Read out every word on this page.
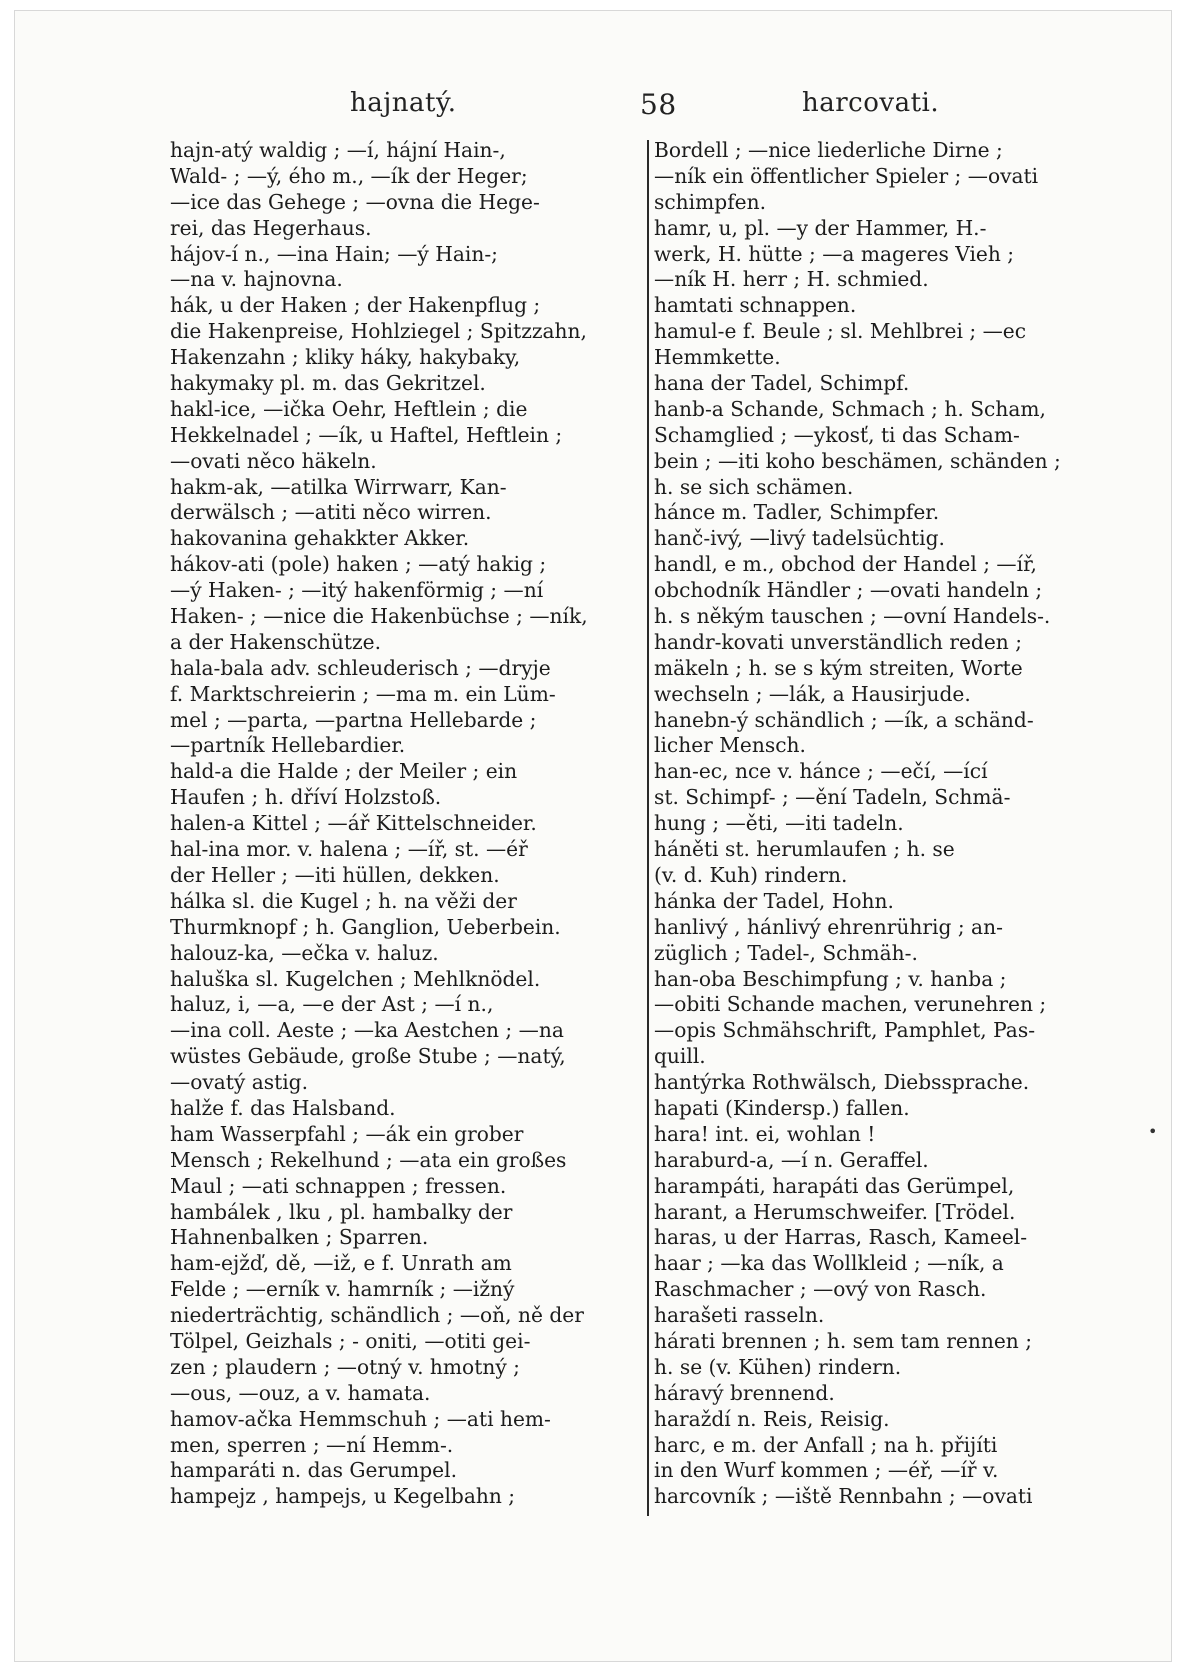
hajnatý.	58	harcovati.
hajn-atý waldig ; —í, hájní Hain-,
Wald- ; —ý, ého m., —ík der Heger;
—ice das Gehege ; —ovna die Hege-
rei, das Hegerhaus.
hájov-í n., —ina Hain; —ý Hain-;
—na v. hajnovna.
hák, u der Haken ; der Hakenpflug ;
die Hakenpreise, Hohlziegel ; Spitzzahn,
Hakenzahn ; kliky háky, hakybaky,
hakymaky pl. m. das Gekritzel.
hakl-ice, —ička Oehr, Heftlein ; die
Hekkelnadel ; —ík, u Haftel, Heftlein ;
—ovati něco häkeln.
hakm-ak, —atilka Wirrwarr, Kan-
derwälsch ; —atiti něco wirren.
hakovanina gehakkter Akker.
hákov-ati (pole) haken ; —atý hakig ;
—ý Haken- ; —itý hakenförmig ; —ní
Haken- ; —nice die Hakenbüchse ; —ník,
a der Hakenschütze.
hala-bala adv. schleuderisch ; —dryje
f. Marktschreierin ; —ma m. ein Lüm-
mel ; —parta, —partna Hellebarde ;
—partník Hellebardier.
hald-a die Halde ; der Meiler ; ein
Haufen ; h. dříví Holzstoß.
halen-a Kittel ; —ář Kittelschneider.
hal-ina mor. v. halena ; —íř, st. —éř
der Heller ; —iti hüllen, dekken.
hálka sl. die Kugel ; h. na věži der
Thurmknopf ; h. Ganglion, Ueberbein.
halouz-ka, —ečka v. haluz.
haluška sl. Kugelchen ; Mehlknödel.
haluz, i, —a, —e der Ast ; —í n.,
—ina coll. Aeste ; —ka Aestchen ; —na
wüstes Gebäude, große Stube ; —natý,
—ovatý astig.
halže f. das Halsband.
ham Wasserpfahl ; —ák ein grober
Mensch ; Rekelhund ; —ata ein großes
Maul ; —ati schnappen ; fressen.
hambálek , lku , pl. hambalky der
Hahnenbalken ; Sparren.
ham-ejžď, dě, —iž, e f. Unrath am
Felde ; —erník v. hamrník ; —ižný
niederträchtig, schändlich ; —oň, ně der
Tölpel, Geizhals ; - oniti, —otiti gei-
zen ; plaudern ; —otný v. hmotný ;
—ous, —ouz, a v. hamata.
hamov-ačka Hemmschuh ; —ati hem-
men, sperren ; —ní Hemm-.
hamparáti n. das Gerumpel.
hampejz , hampejs, u Kegelbahn ;
Bordell ; —nice liederliche Dirne ;
—ník ein öffentlicher Spieler ; —ovati
schimpfen.
hamr, u, pl. —y der Hammer, H.-
werk, H. hütte ; —a mageres Vieh ;
—ník H. herr ; H. schmied.
hamtati schnappen.
hamul-e f. Beule ; sl. Mehlbrei ; —ec
Hemmkette.
hana der Tadel, Schimpf.
hanb-a Schande, Schmach ; h. Scham,
Schamglied ; —ykosť, ti das Scham-
bein ; —iti koho beschämen, schänden ;
h. se sich schämen.
hánce m. Tadler, Schimpfer.
hanč-ivý, —livý tadelsüchtig.
handl, e m., obchod der Handel ; —íř,
obchodník Händler ; —ovati handeln ;
h. s někým tauschen ; —ovní Handels-.
handr-kovati unverständlich reden ;
mäkeln ; h. se s kým streiten, Worte
wechseln ; —lák, a Hausirjude.
hanebn-ý schändlich ; —ík, a schänd-
licher Mensch.
han-ec, nce v. hánce ; —ečí, —ící
st. Schimpf- ; —ění Tadeln, Schmä-
hung ; —ěti, —iti tadeln.
háněti st. herumlaufen ; h. se
(v. d. Kuh) rindern.
hánka der Tadel, Hohn.
hanlivý , hánlivý ehrenrührig ; an-
züglich ; Tadel-, Schmäh-.
han-oba Beschimpfung ; v. hanba ;
—obiti Schande machen, verunehren ;
—opis Schmähschrift, Pamphlet, Pas-
quill.
hantýrka Rothwälsch, Diebssprache.
hapati (Kindersp.) fallen.
hara! int. ei, wohlan !
haraburd-a, —í n. Geraffel.
harampáti, harapáti das Gerümpel,
harant, a Herumschweifer. [Trödel.
haras, u der Harras, Rasch, Kameel-
haar ; —ka das Wollkleid ; —ník, a
Raschmacher ; —ový von Rasch.
harašeti rasseln.
hárati brennen ; h. sem tam rennen ;
h. se (v. Kühen) rindern.
háravý brennend.
haraždí n. Reis, Reisig.
harc, e m. der Anfall ; na h. přijíti
in den Wurf kommen ; —éř, —íř v.
harcovník ; —iště Rennbahn ; —ovati
•
